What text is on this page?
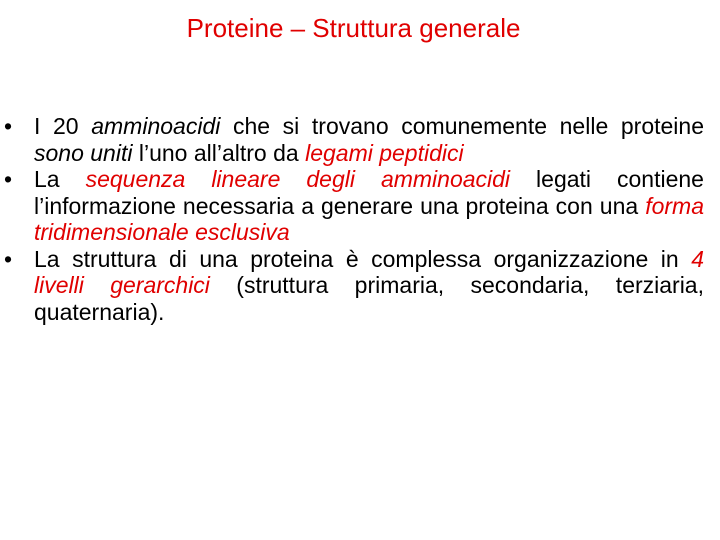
Proteine – Struttura generale
• I 20 amminoacidi che si trovano comunemente nelle proteine sono uniti l’uno all’altro da legami peptidici
• La sequenza lineare degli amminoacidi legati contiene l’informazione necessaria a generare una proteina con una forma tridimensionale esclusiva
• La struttura di una proteina è complessa organizzazione in 4 livelli gerarchici (struttura primaria, secondaria, terziaria, quaternaria).
